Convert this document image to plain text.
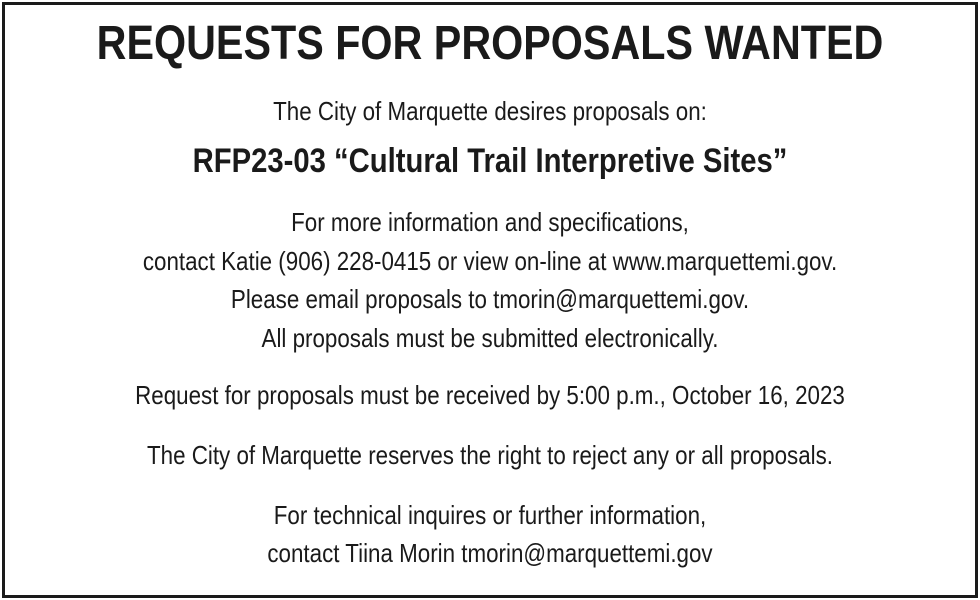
REQUESTS FOR PROPOSALS WANTED
The City of Marquette desires proposals on:
RFP23-03 “Cultural Trail Interpretive Sites”
For more information and specifications,
contact Katie (906) 228-0415 or view on-line at www.marquettemi.gov.
Please email proposals to tmorin@marquettemi.gov.
All proposals must be submitted electronically.
Request for proposals must be received by 5:00 p.m., October 16, 2023
The City of Marquette reserves the right to reject any or all proposals.
For technical inquires or further information,
contact Tiina Morin tmorin@marquettemi.gov
